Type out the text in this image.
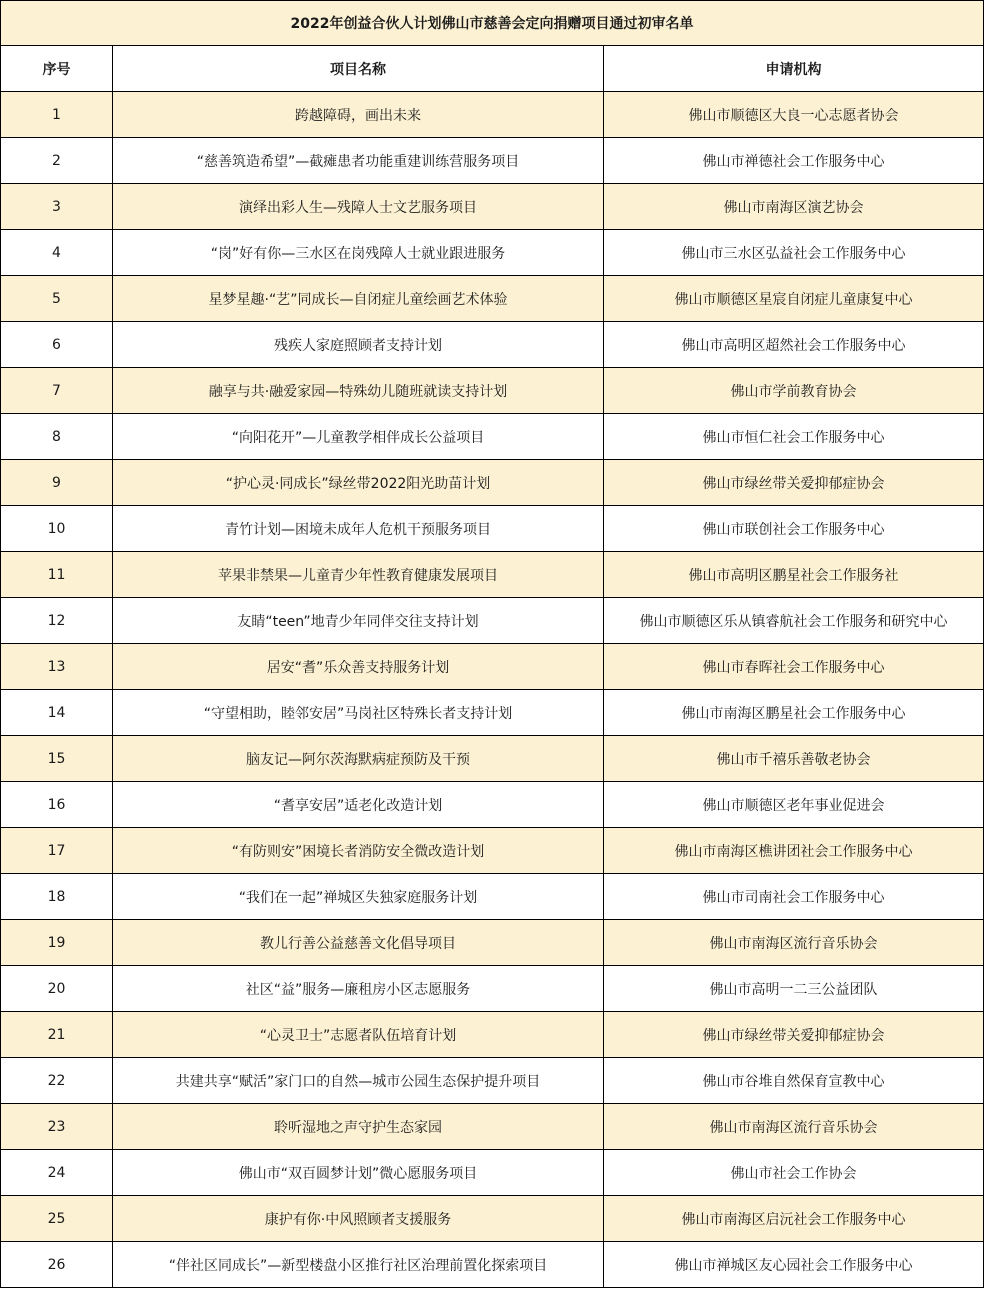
2022年创益合伙人计划佛山市慈善会定向捐赠项目通过初审名单		
序号	项目名称	申请机构
1	跨越障碍，画出未来	佛山市顺德区大良一心志愿者协会
2	“慈善筑造希望”—截瘫患者功能重建训练营服务项目	佛山市禅德社会工作服务中心
3	演绎出彩人生—残障人士文艺服务项目	佛山市南海区演艺协会
4	“岗”好有你—三水区在岗残障人士就业跟进服务	佛山市三水区弘益社会工作服务中心
5	星梦星趣·“艺”同成长—自闭症儿童绘画艺术体验	佛山市顺德区星宸自闭症儿童康复中心
6	残疾人家庭照顾者支持计划	佛山市高明区超然社会工作服务中心
7	融享与共·融爱家园—特殊幼儿随班就读支持计划	佛山市学前教育协会
8	“向阳花开”—儿童教学相伴成长公益项目	佛山市恒仁社会工作服务中心
9	“护心灵·同成长”绿丝带2022阳光助苗计划	佛山市绿丝带关爱抑郁症协会
10	青竹计划—困境未成年人危机干预服务项目	佛山市联创社会工作服务中心
11	苹果非禁果—儿童青少年性教育健康发展项目	佛山市高明区鹏星社会工作服务社
12	友睛“teen”地青少年同伴交往支持计划	佛山市顺德区乐从镇睿航社会工作服务和研究中心
13	居安“耆”乐众善支持服务计划	佛山市春晖社会工作服务中心
14	“守望相助，睦邻安居”马岗社区特殊长者支持计划	佛山市南海区鹏星社会工作服务中心
15	脑友记—阿尔茨海默病症预防及干预	佛山市千禧乐善敬老协会
16	“耆享安居”适老化改造计划	佛山市顺德区老年事业促进会
17	“有防则安”困境长者消防安全微改造计划	佛山市南海区樵讲团社会工作服务中心
18	“我们在一起”禅城区失独家庭服务计划	佛山市司南社会工作服务中心
19	教儿行善公益慈善文化倡导项目	佛山市南海区流行音乐协会
20	社区“益”服务—廉租房小区志愿服务	佛山市高明一二三公益团队
21	“心灵卫士”志愿者队伍培育计划	佛山市绿丝带关爱抑郁症协会
22	共建共享“赋活”家门口的自然—城市公园生态保护提升项目	佛山市谷堆自然保育宣教中心
23	聆听湿地之声守护生态家园	佛山市南海区流行音乐协会
24	佛山市“双百圆梦计划”微心愿服务项目	佛山市社会工作协会
25	康护有你·中风照顾者支援服务	佛山市南海区启沅社会工作服务中心
26	“伴社区同成长”—新型楼盘小区推行社区治理前置化探索项目	佛山市禅城区友心园社会工作服务中心
